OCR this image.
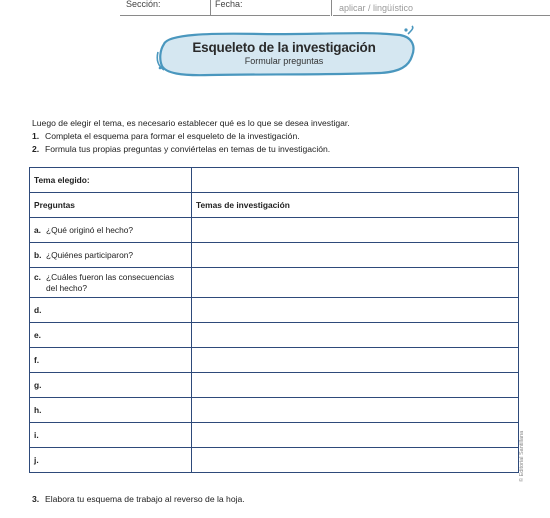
Sección:	Fecha:	aplicar / lingüístico
Esqueleto de la investigación
Formular preguntas
Luego de elegir el tema, es necesario establecer qué es lo que se desea investigar.
1. Completa el esquema para formar el esqueleto de la investigación.
2. Formula tus propias preguntas y conviértelas en temas de tu investigación.
Tema elegido:	
Preguntas	Temas de investigación

a. ¿Qué originó el hecho?	

b. ¿Quiénes participaron?	

c. ¿Cuáles fueron las consecuencias del hecho?	

d.	

e.	

f.	

g.	

h.	

i.	

j.	

3. Elabora tu esquema de trabajo al reverso de la hoja.
© Editorial Santillana
